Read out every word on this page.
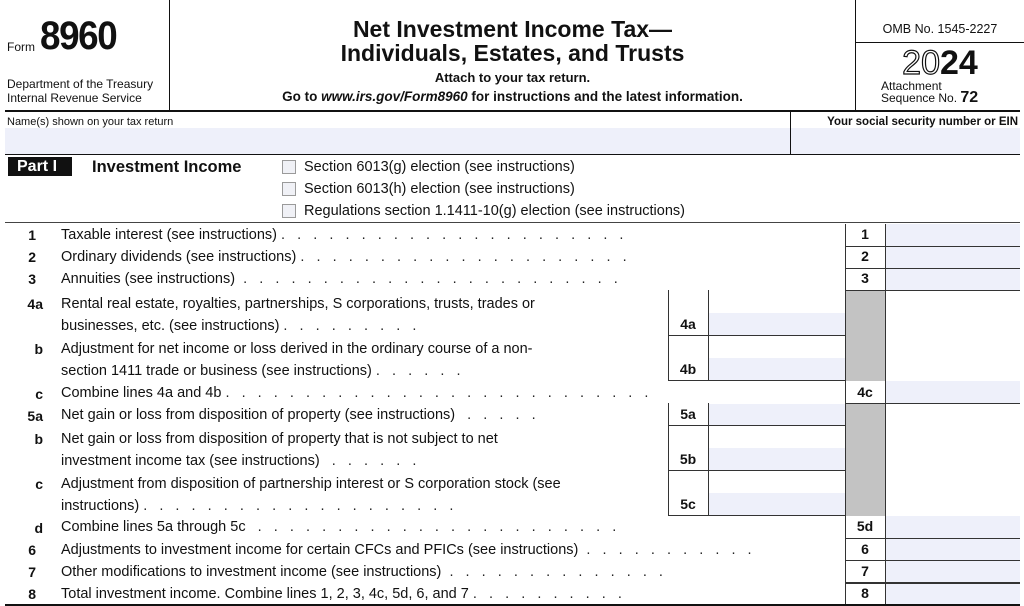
Form 8960
Department of the Treasury
Internal Revenue Service
Net Investment Income Tax—
Individuals, Estates, and Trusts
Attach to your tax return.
Go to www.irs.gov/Form8960 for instructions and the latest information.
OMB No. 1545-2227
2024
Attachment
Sequence No. 72
Name(s) shown on your tax return	Your social security number or EIN
Part I	Investment Income	Section 6013(g) election (see instructions)
Section 6013(h) election (see instructions)
Regulations section 1.1411-10(g) election (see instructions)
1 Taxable interest (see instructions) .   .   .   .   .   .   .   .   .   .   .   .   .   .   .   .   .   .   .   .   .   .	1
2 Ordinary dividends (see instructions) .   .   .   .   .   .   .   .   .   .   .   .   .   .   .   .   .   .   .   .   .	2
3 Annuities (see instructions)  .   .   .   .   .   .   .   .   .   .   .   .   .   .   .   .   .   .   .   .   .   .   .   .	3
4a Rental real estate, royalties, partnerships, S corporations, trusts, trades or
businesses, etc. (see instructions) .   .   .   .   .   .   .   .   .	4a
b Adjustment for net income or loss derived in the ordinary course of a non-
section 1411 trade or business (see instructions) .   .   .   .   .   .	4b
c Combine lines 4a and 4b .   .   .   .   .   .   .   .   .   .   .   .   .   .   .   .   .   .   .   .   .   .   .   .   .   .   .	4c
5a Net gain or loss from disposition of property (see instructions)   .   .   .   .   .	5a
b Net gain or loss from disposition of property that is not subject to net
investment income tax (see instructions)   .   .   .   .   .   .	5b
c Adjustment from disposition of partnership interest or S corporation stock (see
instructions) .   .   .   .   .   .   .   .   .   .   .   .   .   .   .   .   .   .   .   .	5c
d Combine lines 5a through 5c   .   .   .   .   .   .   .   .   .   .   .   .   .   .   .   .   .   .   .   .   .   .   .	5d
6 Adjustments to investment income for certain CFCs and PFICs (see instructions)  .   .   .   .   .   .   .   .   .   .   .	6
7 Other modifications to investment income (see instructions)  .   .   .   .   .   .   .   .   .   .   .   .   .   .	7
8 Total investment income. Combine lines 1, 2, 3, 4c, 5d, 6, and 7 .   .   .   .   .   .   .   .   .   .	8
